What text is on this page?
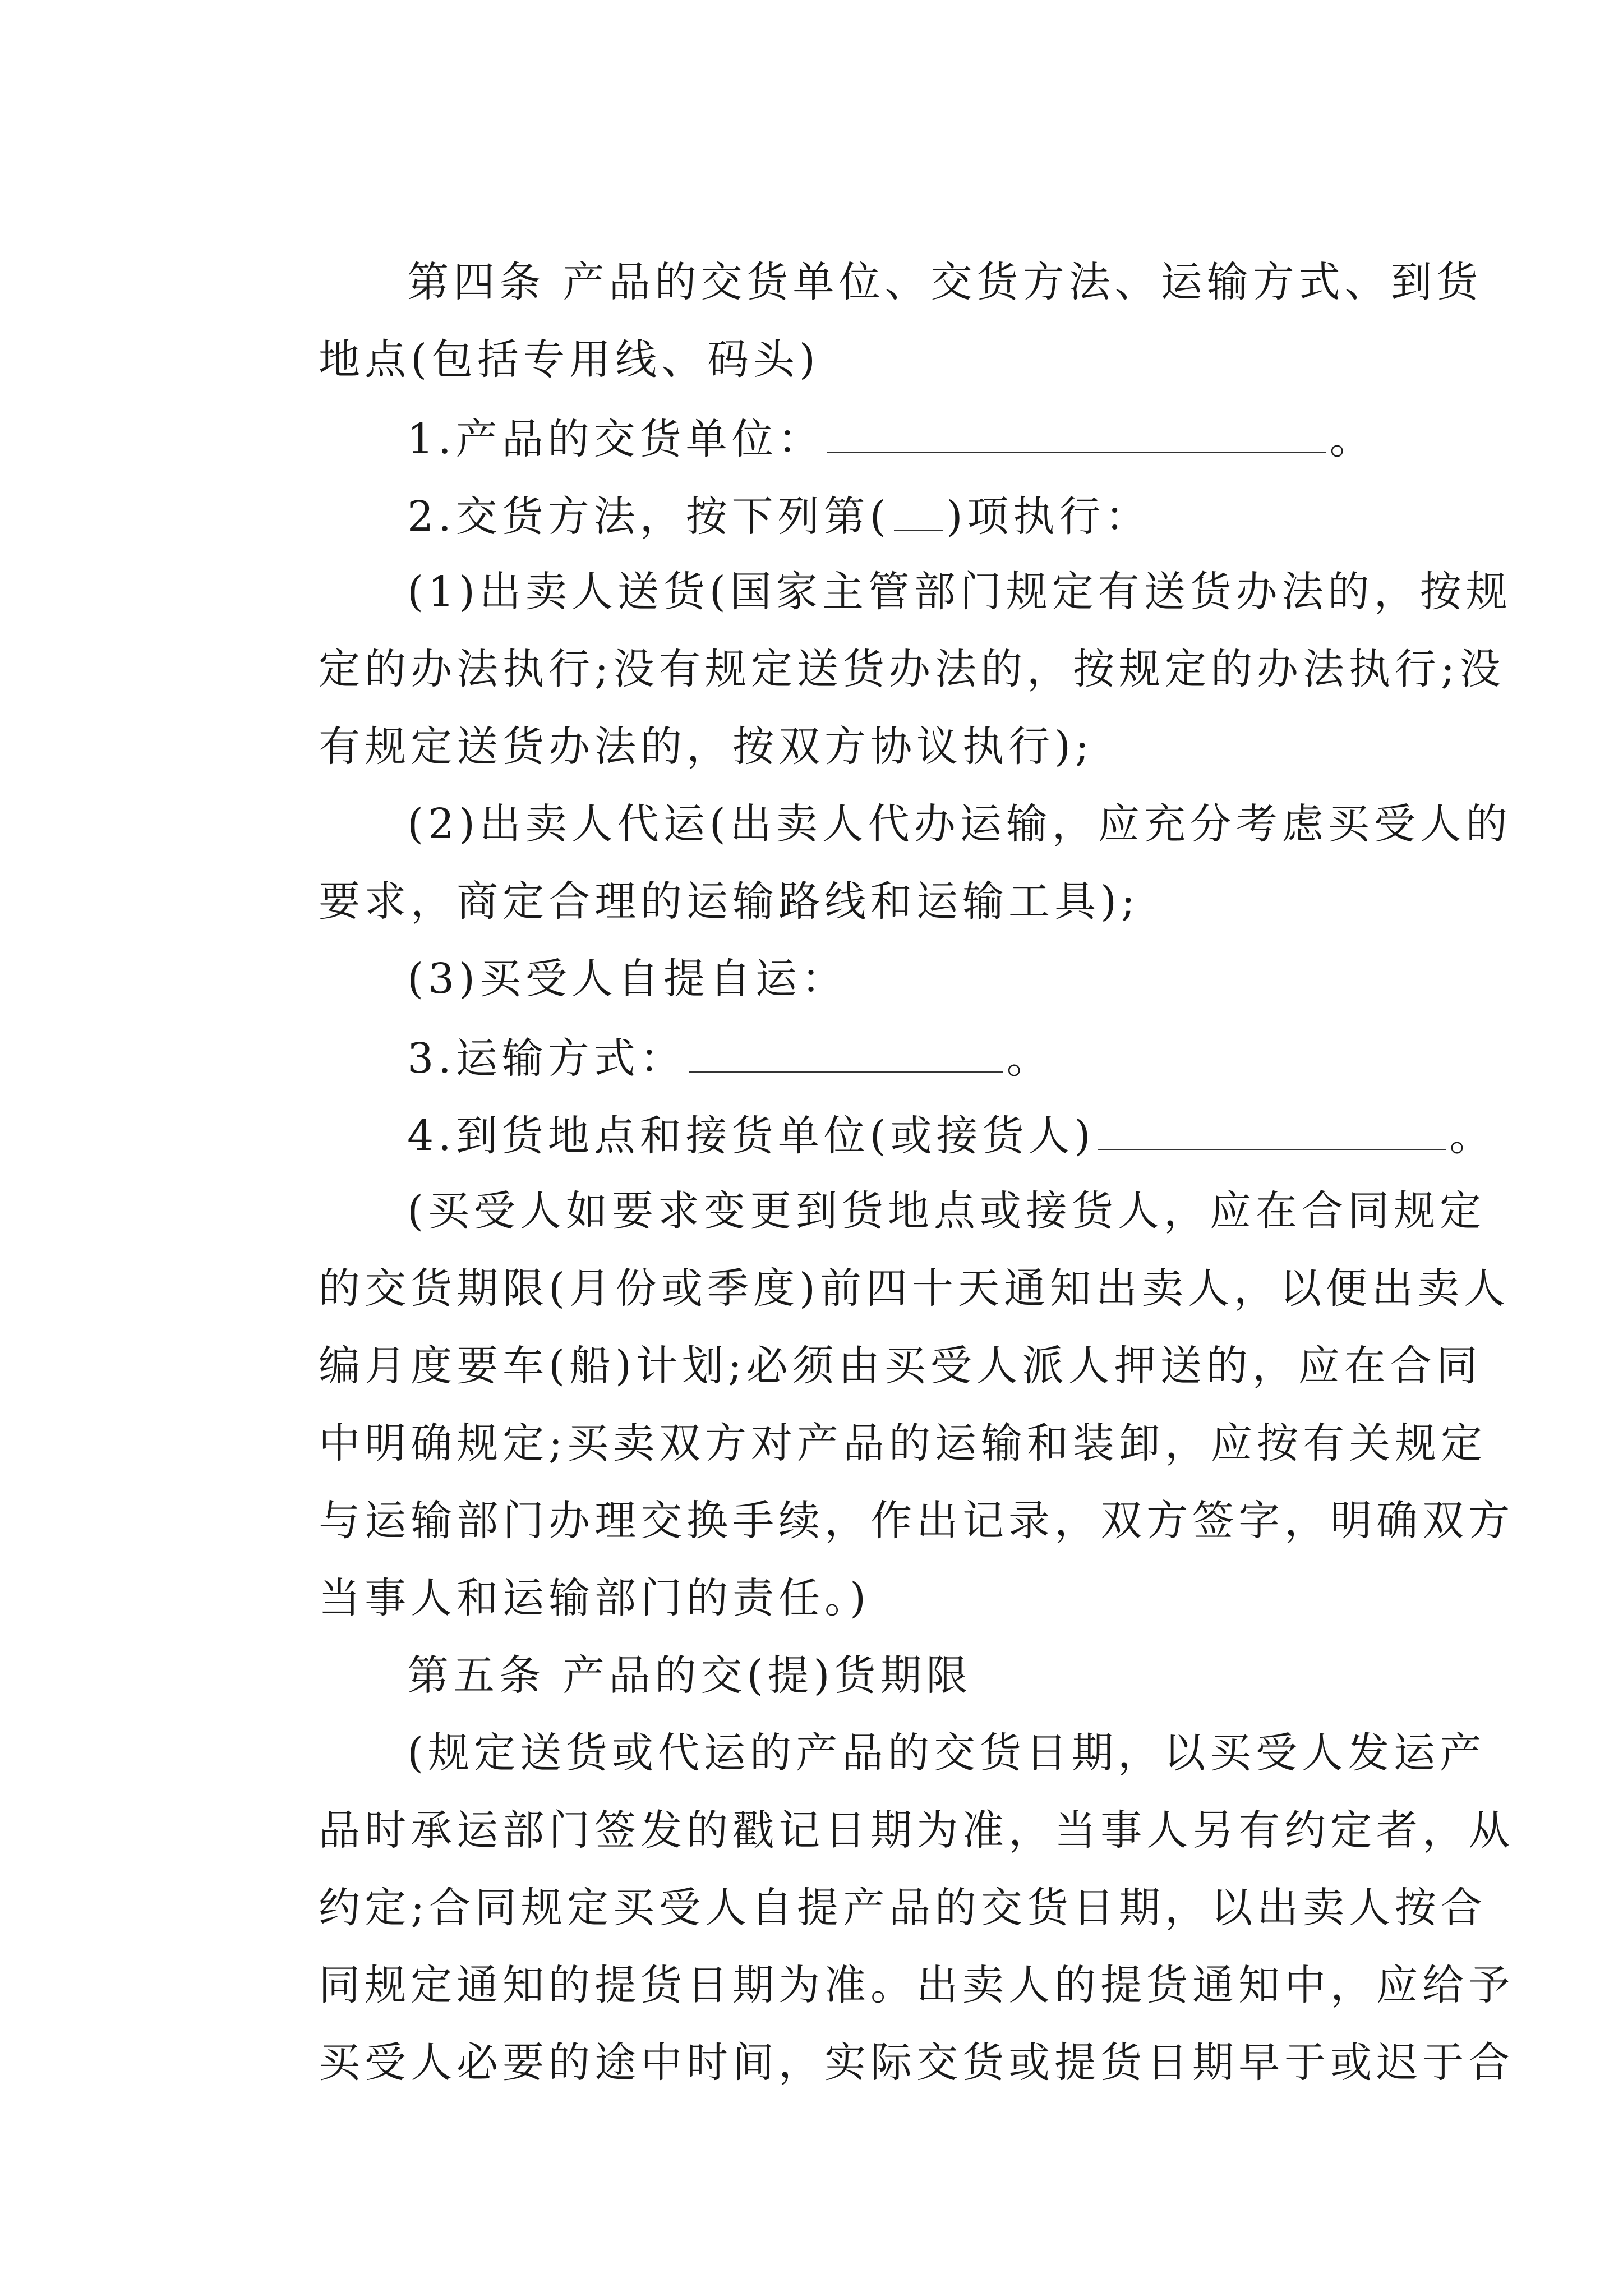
第四条 产品的交货单位、交货方法、运输方式、到货

地点(包括专用线、码头)

1.产品的交货单位：	。

2.交货方法，按下列第( )项执行：

(1)出卖人送货(国家主管部门规定有送货办法的，按规

定的办法执行;没有规定送货办法的，按规定的办法执行;没

有规定送货办法的，按双方协议执行);

(2)出卖人代运(出卖人代办运输，应充分考虑买受人的

要求，商定合理的运输路线和运输工具);

(3)买受人自提自运：

3.运输方式：	。

4.到货地点和接货单位(或接货人)	。

(买受人如要求变更到货地点或接货人，应在合同规定

的交货期限(月份或季度)前四十天通知出卖人，以便出卖人

编月度要车(船)计划;必须由买受人派人押送的，应在合同

中明确规定;买卖双方对产品的运输和装卸，应按有关规定

与运输部门办理交换手续，作出记录，双方签字，明确双方

当事人和运输部门的责任。)

第五条 产品的交(提)货期限

(规定送货或代运的产品的交货日期，以买受人发运产

品时承运部门签发的戳记日期为准，当事人另有约定者，从

约定;合同规定买受人自提产品的交货日期，以出卖人按合

同规定通知的提货日期为准。出卖人的提货通知中，应给予

买受人必要的途中时间，实际交货或提货日期早于或迟于合
